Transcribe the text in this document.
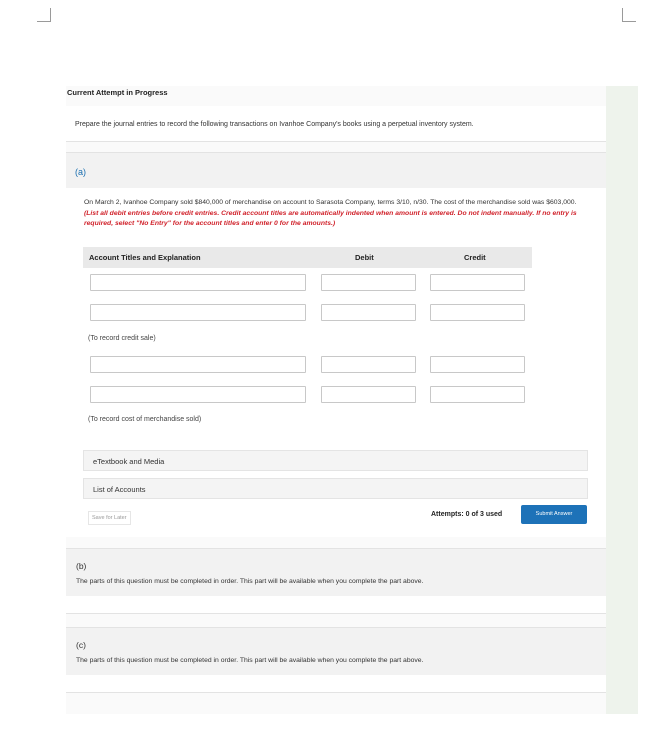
Current Attempt in Progress
Prepare the journal entries to record the following transactions on Ivanhoe Company's books using a perpetual inventory system.
(a)
On March 2, Ivanhoe Company sold $840,000 of merchandise on account to Sarasota Company, terms 3/10, n/30. The cost of the merchandise sold was $603,000. (List all debit entries before credit entries. Credit account titles are automatically indented when amount is entered. Do not indent manually. If no entry is required, select "No Entry" for the account titles and enter 0 for the amounts.)
Account Titles and Explanation	Debit	Credit
(To record credit sale)
(To record cost of merchandise sold)
eTextbook and Media
List of Accounts
Save for Later	Attempts: 0 of 3 used	Submit Answer
(b)
The parts of this question must be completed in order. This part will be available when you complete the part above.
(c)
The parts of this question must be completed in order. This part will be available when you complete the part above.
